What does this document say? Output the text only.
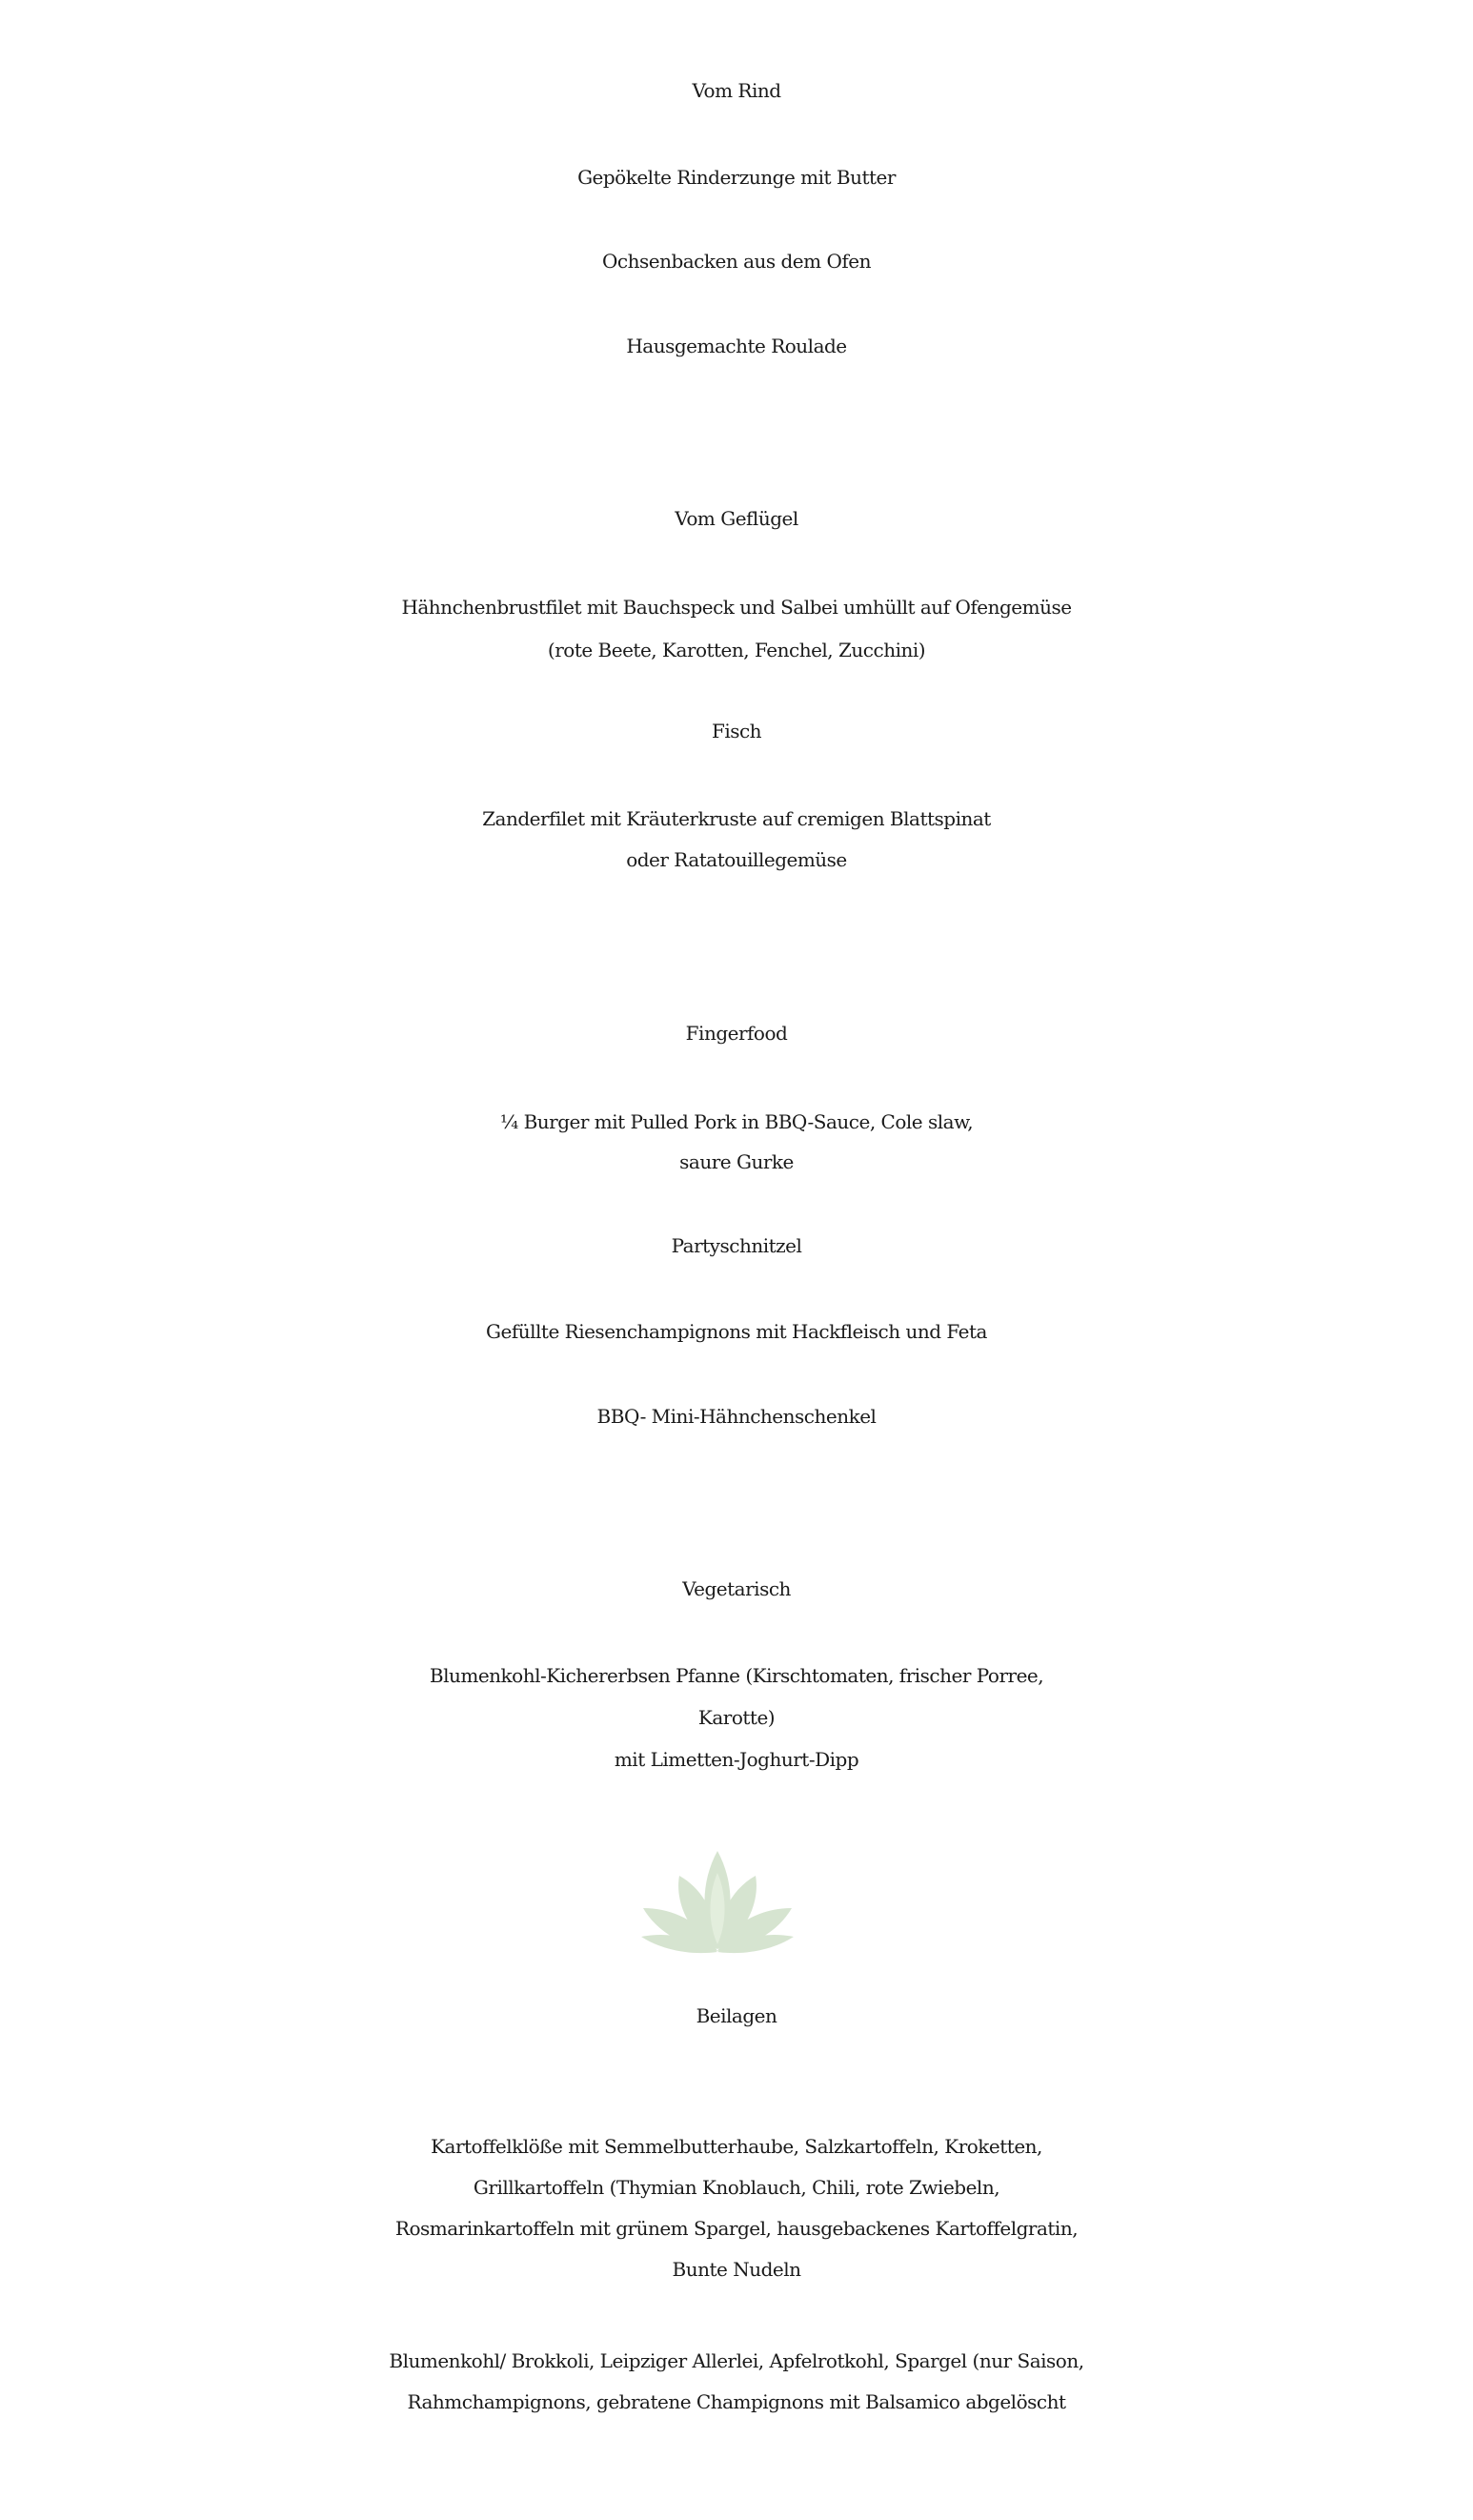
Vom Rind
Gepökelte Rinderzunge mit Butter
Ochsenbacken aus dem Ofen
Hausgemachte Roulade
Vom Geflügel
Hähnchenbrustfilet mit Bauchspeck und Salbei umhüllt auf Ofengemüse
(rote Beete, Karotten, Fenchel, Zucchini)
Fisch
Zanderfilet mit Kräuterkruste auf cremigen Blattspinat
oder Ratatouillegemüse
Fingerfood
¼ Burger mit Pulled Pork in BBQ-Sauce, Cole slaw,
saure Gurke
Partyschnitzel
Gefüllte Riesenchampignons mit Hackfleisch und Feta
BBQ- Mini-Hähnchenschenkel
Vegetarisch
Blumenkohl-Kichererbsen Pfanne (Kirschtomaten, frischer Porree,
Karotte)
mit Limetten-Joghurt-Dipp
Beilagen
Kartoffelklöße mit Semmelbutterhaube, Salzkartoffeln, Kroketten,
Grillkartoffeln (Thymian Knoblauch, Chili, rote Zwiebeln,
Rosmarinkartoffeln mit grünem Spargel, hausgebackenes Kartoffelgratin,
Bunte Nudeln
Blumenkohl/ Brokkoli, Leipziger Allerlei, Apfelrotkohl, Spargel (nur Saison,
Rahmchampignons, gebratene Champignons mit Balsamico abgelöscht
